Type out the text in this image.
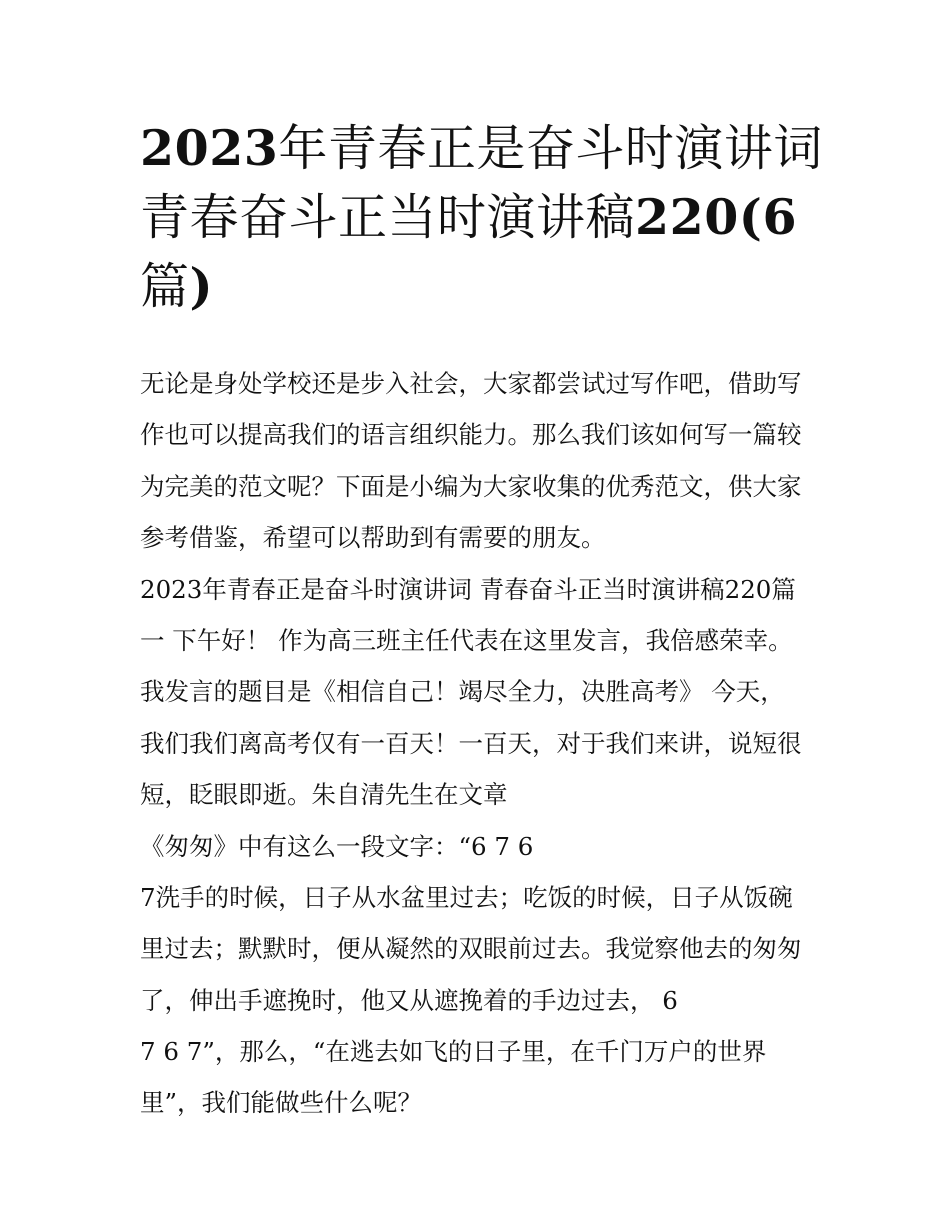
2023年青春正是奋斗时演讲词
青春奋斗正当时演讲稿220(6
篇)
无论是身处学校还是步入社会，大家都尝试过写作吧，借助写
作也可以提高我们的语言组织能力。那么我们该如何写一篇较
为完美的范文呢？下面是小编为大家收集的优秀范文，供大家
参考借鉴，希望可以帮助到有需要的朋友。
2023年青春正是奋斗时演讲词 青春奋斗正当时演讲稿220篇
一 下午好！ 作为高三班主任代表在这里发言，我倍感荣幸。
我发言的题目是《相信自己！竭尽全力，决胜高考》 今天，
我们我们离高考仅有一百天！一百天，对于我们来讲，说短很
短，眨眼即逝。朱自清先生在文章
《匆匆》中有这么一段文字：“6 7 6
7洗手的时候，日子从水盆里过去；吃饭的时候，日子从饭碗
里过去；默默时，便从凝然的双眼前过去。我觉察他去的匆匆
了，伸出手遮挽时，他又从遮挽着的手边过去， 6
7 6 7”，那么，“在逃去如飞的日子里，在千门万户的世界
里”，我们能做些什么呢？
